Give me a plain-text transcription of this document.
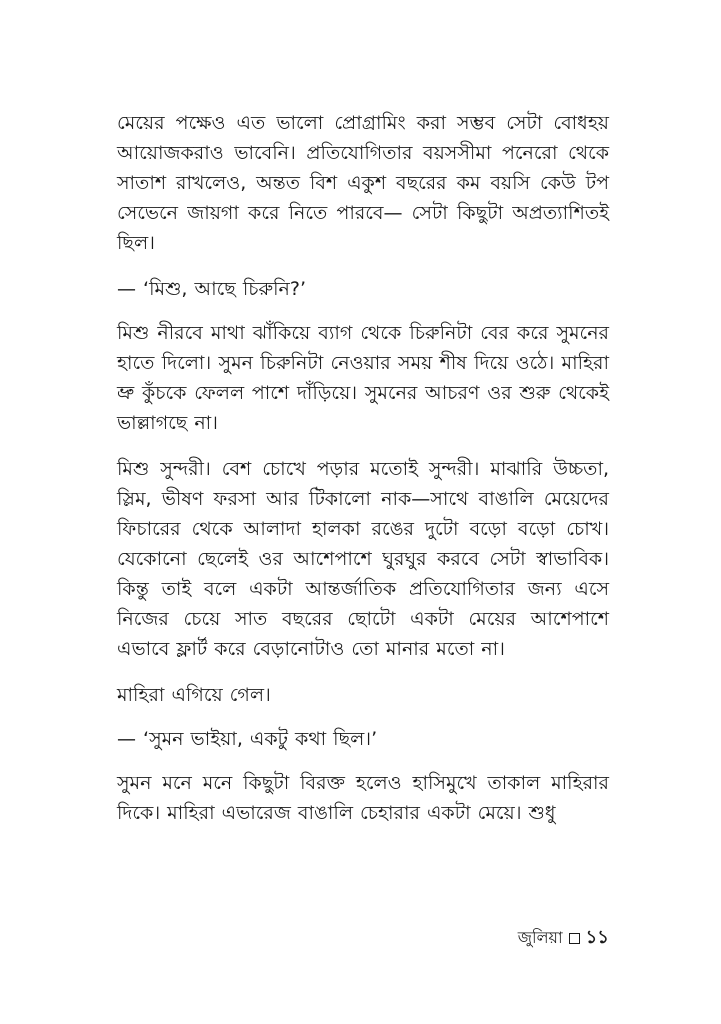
মেয়ের পক্ষেও এত ভালো প্রোগ্রামিং করা সম্ভব সেটা বোধহয় আয়োজকরাও ভাবেনি। প্রতিযোগিতার বয়সসীমা পনেরো থেকে সাতাশ রাখলেও, অন্তত বিশ একুশ বছরের কম বয়সি কেউ টপ সেভেনে জায়গা করে নিতে পারবে— সেটা কিছুটা অপ্রত্যাশিতই ছিল।

— ‘মিশু, আছে চিরুনি?’

মিশু নীরবে মাথা ঝাঁকিয়ে ব্যাগ থেকে চিরুনিটা বের করে সুমনের হাতে দিলো। সুমন চিরুনিটা নেওয়ার সময় শীষ দিয়ে ওঠে। মাহিরা ভ্রু কুঁচকে ফেলল পাশে দাঁড়িয়ে। সুমনের আচরণ ওর শুরু থেকেই ভাল্লাগছে না।

মিশু সুন্দরী। বেশ চোখে পড়ার মতোই সুন্দরী। মাঝারি উচ্চতা, স্লিম, ভীষণ ফরসা আর টিকালো নাক—সাথে বাঙালি মেয়েদের ফিচারের থেকে আলাদা হালকা রঙের দুটো বড়ো বড়ো চোখ। যেকোনো ছেলেই ওর আশেপাশে ঘুরঘুর করবে সেটা স্বাভাবিক। কিন্তু তাই বলে একটা আন্তর্জাতিক প্রতিযোগিতার জন্য এসে নিজের চেয়ে সাত বছরের ছোটো একটা মেয়ের আশেপাশে এভাবে ফ্লার্ট করে বেড়ানোটাও তো মানার মতো না।

মাহিরা এগিয়ে গেল।

— ‘সুমন ভাইয়া, একটু কথা ছিল।’

সুমন মনে মনে কিছুটা বিরক্ত হলেও হাসিমুখে তাকাল মাহিরার দিকে। মাহিরা এভারেজ বাঙালি চেহারার একটা মেয়ে। শুধু

জুলিয়া ১১
